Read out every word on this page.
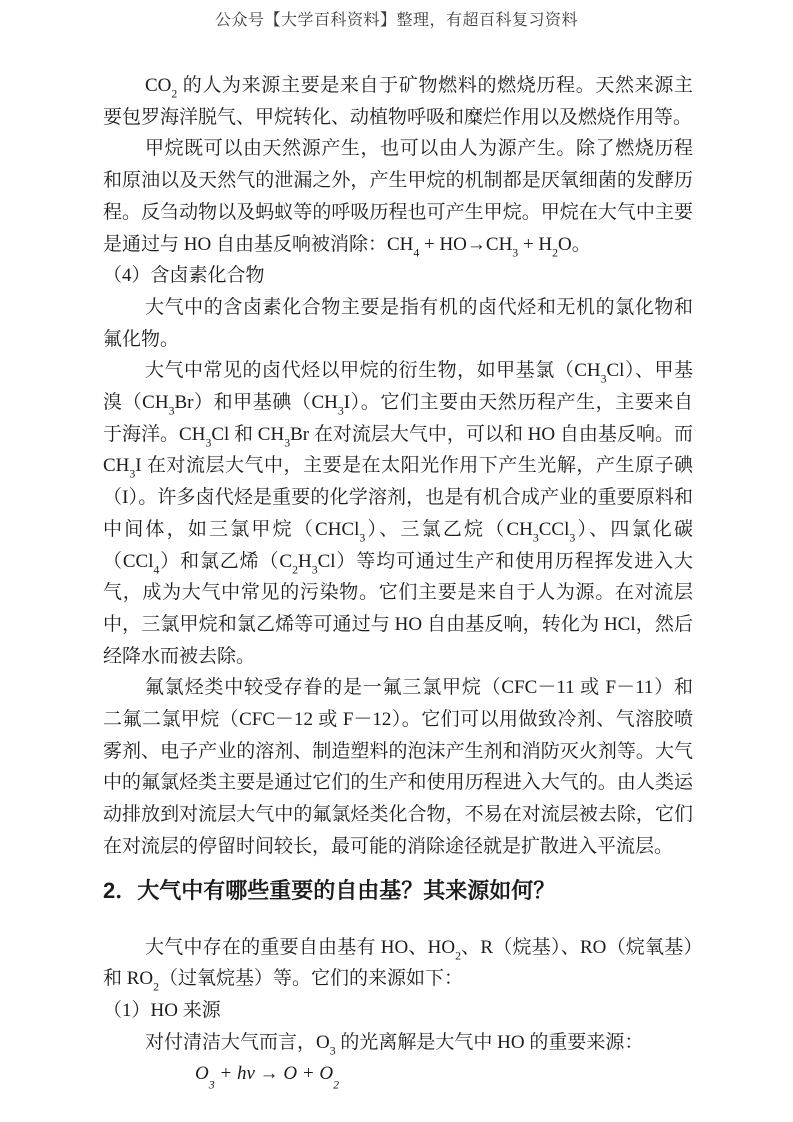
公众号【大学百科资料】整理，有超百科复习资料

$CO_2$ 的人为来源主要是来自于矿物燃料的燃烧历程。天然来源主要包罗海洋脱气、甲烷转化、动植物呼吸和糜烂作用以及燃烧作用等。

甲烷既可以由天然源产生，也可以由人为源产生。除了燃烧历程和原油以及天然气的泄漏之外，产生甲烷的机制都是厌氧细菌的发酵历程。反刍动物以及蚂蚁等的呼吸历程也可产生甲烷。甲烷在大气中主要是通过与 HO 自由基反响被消除：$CH_4 + HO\to CH_3 + H_2O$。

（4）含卤素化合物

大气中的含卤素化合物主要是指有机的卤代烃和无机的氯化物和氟化物。

大气中常见的卤代烃以甲烷的衍生物，如甲基氯$(CH_3Cl)$、甲基溴$(CH_3Br)$和甲基碘$(CH_3I)$。它们主要由天然历程产生，主要来自于海洋。$CH_3Cl$ 和 $CH_3Br$ 在对流层大气中，可以和 HO 自由基反响。而 $CH_3I$ 在对流层大气中，主要是在太阳光作用下产生光解，产生原子碘（I）。许多卤代烃是重要的化学溶剂，也是有机合成产业的重要原料和中间体，如三氯甲烷（CHCl$_3$）、三氯乙烷$(CH_3CCl_3)$、四氯化碳（CCl$_4$）和氯乙烯$(C_2H_3Cl)$等均可通过生产和使用历程挥发进入大气，成为大气中常见的污染物。它们主要是来自于人为源。在对流层中，三氯甲烷和氯乙烯等可通过与 HO 自由基反响，转化为 HCl，然后经降水而被去除。

氟氯烃类中较受存眷的是一氟三氯甲烷（CFC－11 或 F－11）和二氟二氯甲烷（CFC－12 或 F－12）。它们可以用做致冷剂、气溶胶喷雾剂、电子产业的溶剂、制造塑料的泡沫产生剂和消防灭火剂等。大气中的氟氯烃类主要是通过它们的生产和使用历程进入大气的。由人类运动排放到对流层大气中的氟氯烃类化合物，不易在对流层被去除，它们在对流层的停留时间较长，最可能的消除途径就是扩散进入平流层。

2．大气中有哪些重要的自由基？其来源如何？

大气中存在的重要自由基有 HO、$HO_2$、R（烷基）、RO（烷氧基）和 $RO_2$（过氧烷基）等。它们的来源如下：

（1）HO 来源

对付清洁大气而言，$O_3$ 的光离解是大气中 HO 的重要来源：

$O_3$ + hv → $O + O_2$
